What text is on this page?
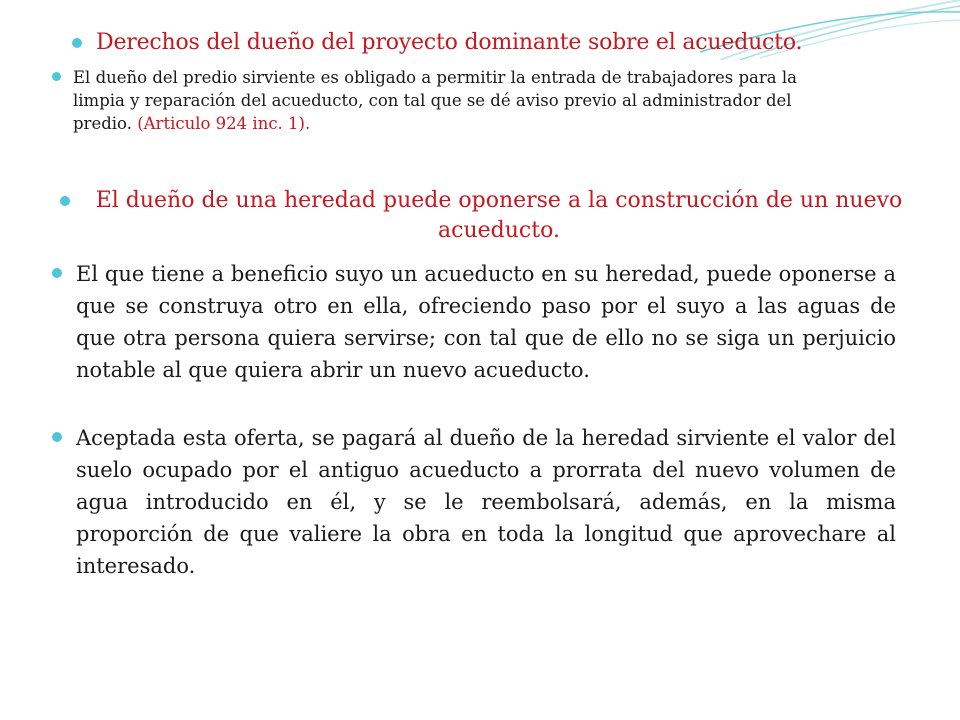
Derechos del dueño del proyecto dominante sobre el acueducto.
El dueño del predio sirviente es obligado a permitir la entrada de trabajadores para la limpia y reparación del acueducto, con tal que se dé aviso previo al administrador del predio. (Articulo 924 inc. 1).
El dueño de una heredad puede oponerse a la construcción de un nuevo acueducto.
El que tiene a beneficio suyo un acueducto en su heredad, puede oponerse a que se construya otro en ella, ofreciendo paso por el suyo a las aguas de que otra persona quiera servirse; con tal que de ello no se siga un perjuicio notable al que quiera abrir un nuevo acueducto.
Aceptada esta oferta, se pagará al dueño de la heredad sirviente el valor del suelo ocupado por el antiguo acueducto a prorrata del nuevo volumen de agua introducido en él, y se le reembolsará, además, en la misma proporción de que valiere la obra en toda la longitud que aprovechare al interesado.
